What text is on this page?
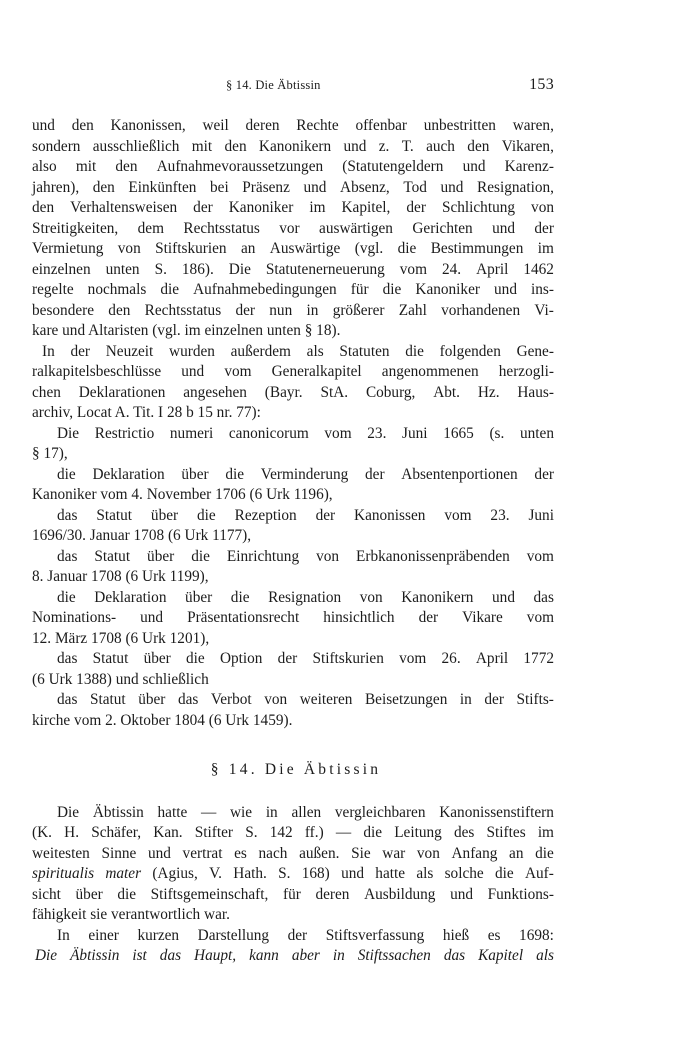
§ 14. Die Äbtissin	153
und den Kanonissen, weil deren Rechte offenbar unbestritten waren,
sondern ausschließlich mit den Kanonikern und z. T. auch den Vikaren,
also mit den Aufnahmevoraussetzungen (Statutengeldern und Karenz-
jahren), den Einkünften bei Präsenz und Absenz, Tod und Resignation,
den Verhaltensweisen der Kanoniker im Kapitel, der Schlichtung von
Streitigkeiten, dem Rechtsstatus vor auswärtigen Gerichten und der
Vermietung von Stiftskurien an Auswärtige (vgl. die Bestimmungen im
einzelnen unten S. 186). Die Statutenerneuerung vom 24. April 1462
regelte nochmals die Aufnahmebedingungen für die Kanoniker und ins-
besondere den Rechtsstatus der nun in größerer Zahl vorhandenen Vi-
kare und Altaristen (vgl. im einzelnen unten § 18).
In der Neuzeit wurden außerdem als Statuten die folgenden Gene-
ralkapitelsbeschlüsse und vom Generalkapitel angenommenen herzogli-
chen Deklarationen angesehen (Bayr. StA. Coburg, Abt. Hz. Haus-
archiv, Locat A. Tit. I 28 b 15 nr. 77):
Die Restrictio numeri canonicorum vom 23. Juni 1665 (s. unten
§ 17),
die Deklaration über die Verminderung der Absentenportionen der
Kanoniker vom 4. November 1706 (6 Urk 1196),
das Statut über die Rezeption der Kanonissen vom 23. Juni
1696/30. Januar 1708 (6 Urk 1177),
das Statut über die Einrichtung von Erbkanonissenpräbenden vom
8. Januar 1708 (6 Urk 1199),
die Deklaration über die Resignation von Kanonikern und das
Nominations- und Präsentationsrecht hinsichtlich der Vikare vom
12. März 1708 (6 Urk 1201),
das Statut über die Option der Stiftskurien vom 26. April 1772
(6 Urk 1388) und schließlich
das Statut über das Verbot von weiteren Beisetzungen in der Stifts-
kirche vom 2. Oktober 1804 (6 Urk 1459).
§ 14. Die Äbtissin
Die Äbtissin hatte — wie in allen vergleichbaren Kanonissenstiftern
(K. H. Schäfer, Kan. Stifter S. 142 ff.) — die Leitung des Stiftes im
weitesten Sinne und vertrat es nach außen. Sie war von Anfang an die
spiritualis mater (Agius, V. Hath. S. 168) und hatte als solche die Auf-
sicht über die Stiftsgemeinschaft, für deren Ausbildung und Funktions-
fähigkeit sie verantwortlich war.
In einer kurzen Darstellung der Stiftsverfassung hieß es 1698:
Die Äbtissin ist das Haupt, kann aber in Stiftssachen das Kapitel als
